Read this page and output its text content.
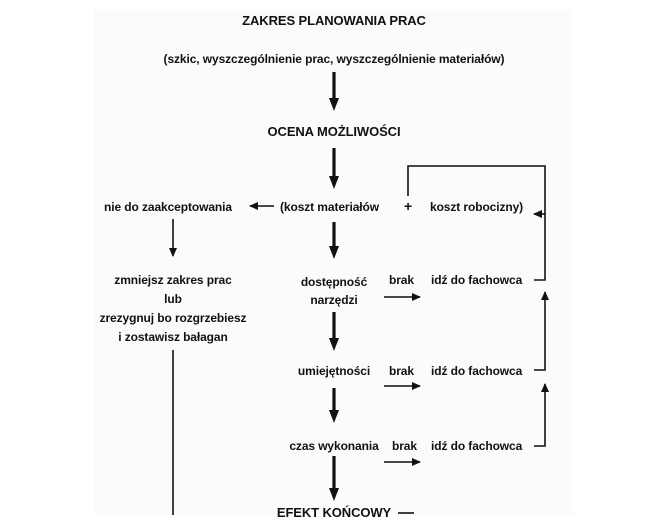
ZAKRES PLANOWANIA PRAC
(szkic, wyszczególnienie prac, wyszczególnienie materiałów)
OCENA MOŻLIWOŚCI
nie do zaakceptowania	(koszt materiałów + koszt robocizny)
zmniejsz zakres prac
lub
zrezygnuj bo rozgrzebiesz
i zostawisz bałagan
dostępność narzędzi
brak idź do fachowca
umiejętności brak idź do fachowca
czas wykonania brak idź do fachowca
EFEKT KOŃCOWY
